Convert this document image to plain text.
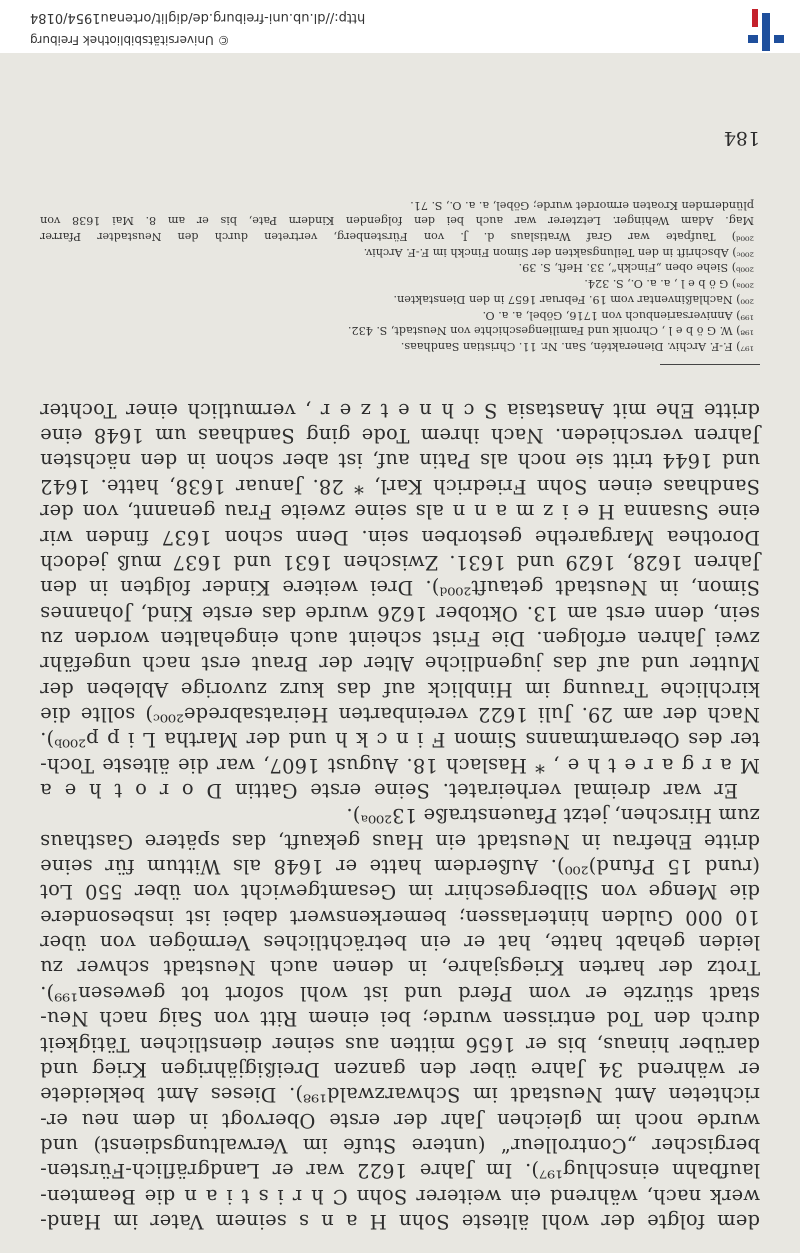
dem folgte der wohl älteste Sohn H a n s seinem Vater im Hand-
werk nach, während ein weiterer Sohn C h r i s t i a n die Beamten-
laufbahn einschlug¹⁹⁷). Im Jahre 1622 war er Landgräflich-Fürsten-
bergischer „Controlleur“ (untere Stufe im Verwaltungsdienst) und
wurde noch im gleichen Jahr der erste Obervogt in dem neu er-
richteten Amt Neustadt im Schwarzwald¹⁹⁸). Dieses Amt bekleidete
er während 34 Jahre über den ganzen Dreißigjährigen Krieg und
darüber hinaus, bis er 1656 mitten aus seiner dienstlichen Tätigkeit
durch den Tod entrissen wurde; bei einem Ritt von Saig nach Neu-
stadt stürzte er vom Pferd und ist wohl sofort tot gewesen¹⁹⁹).
Trotz der harten Kriegsjahre, in denen auch Neustadt schwer zu
leiden gehabt hatte, hat er ein beträchtliches Vermögen von über
10 000 Gulden hinterlassen; bemerkenswert dabei ist insbesondere
die Menge von Silbergeschirr im Gesamtgewicht von über 550 Lot
(rund 15 Pfund)²⁰⁰). Außerdem hatte er 1648 als Wittum für seine
dritte Ehefrau in Neustadt ein Haus gekauft, das spätere Gasthaus
zum Hirschen, jetzt Pfauenstraße 13²⁰⁰ᵃ).
Er war dreimal verheiratet. Seine erste Gattin D o r o t h e a
M a r g a r e t h e , * Haslach 18. August 1607, war die älteste Toch-
ter des Oberamtmanns Simon F i n c k h und der Martha L i p p²⁰⁰ᵇ).
Nach der am 29. Juli 1622 vereinbarten Heiratsabrede²⁰⁰ᶜ) sollte die
kirchliche Trauung im Hinblick auf das kurz zuvorige Ableben der
Mutter und auf das jugendliche Alter der Braut erst nach ungefähr
zwei Jahren erfolgen. Die Frist scheint auch eingehalten worden zu
sein, denn erst am 13. Oktober 1626 wurde das erste Kind, Johannes
Simon, in Neustadt getauft²⁰⁰ᵈ). Drei weitere Kinder folgten in den
Jahren 1628, 1629 und 1631. Zwischen 1631 und 1637 muß jedoch
Dorothea Margarethe gestorben sein. Denn schon 1637 finden wir
eine Susanna H e i z m a n n als seine zweite Frau genannt, von der
Sandhaas einen Sohn Friedrich Karl, * 28. Januar 1638, hatte. 1642
und 1644 tritt sie noch als Patin auf, ist aber schon in den nächsten
Jahren verschieden. Nach ihrem Tode ging Sandhaas um 1648 eine
dritte Ehe mit Anastasia S c h n e t z e r , vermutlich einer Tochter
¹⁹⁷) F.-F. Archiv. Dieneraktén, San. Nr. 11. Christian Sandhaas.
¹⁹⁸) W. G ö b e l , Chronik und Familiengeschichte von Neustadt, S. 432.
¹⁹⁹) Anniversarienbuch von 1716, Göbel, a. a. O.
²⁰⁰) Nachlaßinventar vom 19. Februar 1657 in den Dienstakten.
²⁰⁰ᵃ) G ö b e l , a. a. O., S. 324.
²⁰⁰ᵇ) Siehe oben „Finckh“, 33. Heft, S. 39.
²⁰⁰ᶜ) Abschrift in den Teilungsakten der Simon Finckh im F.-F. Archiv.
²⁰⁰ᵈ) Taufpate war Graf Wratislaus d. J. von Fürstenberg, vertreten durch den Neustadter Pfarrer
Mag. Adam Wehinger. Letzterer war auch bei den folgenden Kindern Pate, bis er am 8. Mai 1638 von
plündernden Kroaten ermordet wurde; Göbel, a. a. O., S. 71.
184
© Universitätsbibliothek Freiburg
http://dl.ub.uni-freiburg.de/diglit/ortenau1954/0184
